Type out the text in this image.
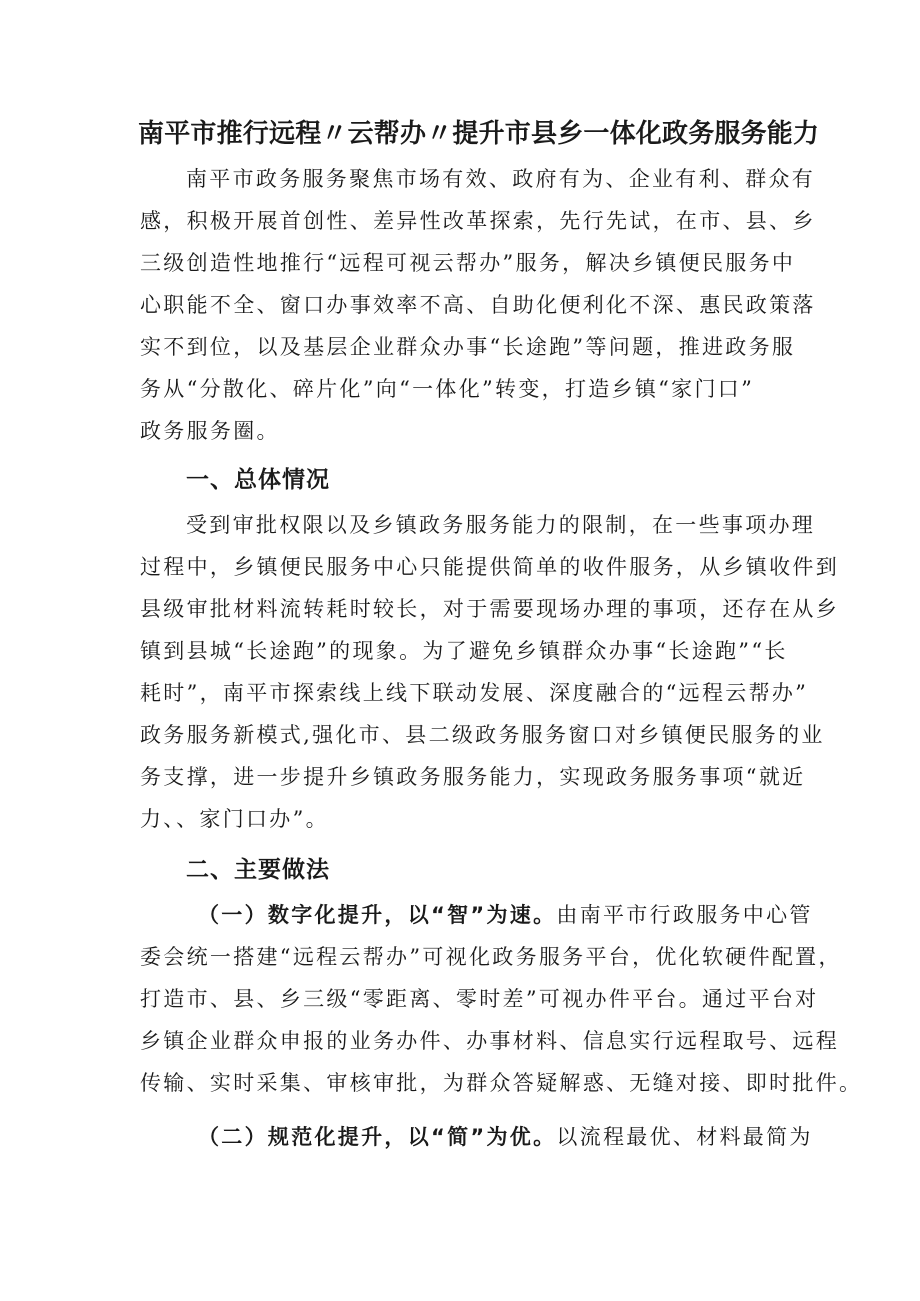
南平市推行远程〃云帮办〃提升市县乡一体化政务服务能力
南平市政务服务聚焦市场有效、政府有为、企业有利、群众有
感，积极开展首创性、差异性改革探索，先行先试，在市、县、乡
三级创造性地推行“远程可视云帮办”服务，解决乡镇便民服务中
心职能不全、窗口办事效率不高、自助化便利化不深、惠民政策落
实不到位，以及基层企业群众办事“长途跑”等问题，推进政务服
务从“分散化、碎片化”向“一体化”转变，打造乡镇“家门口”
政务服务圈。
一、总体情况
受到审批权限以及乡镇政务服务能力的限制，在一些事项办理
过程中，乡镇便民服务中心只能提供简单的收件服务，从乡镇收件到
县级审批材料流转耗时较长，对于需要现场办理的事项，还存在从乡
镇到县城“长途跑”的现象。为了避免乡镇群众办事“长途跑”“长
耗时”，南平市探索线上线下联动发展、深度融合的“远程云帮办”
政务服务新模式,强化市、县二级政务服务窗口对乡镇便民服务的业
务支撑，进一步提升乡镇政务服务能力，实现政务服务事项“就近
力、、家门口办”。
二、主要做法
（一）数字化提升，以“智”为速。由南平市行政服务中心管
委会统一搭建“远程云帮办”可视化政务服务平台，优化软硬件配置，
打造市、县、乡三级“零距离、零时差”可视办件平台。通过平台对
乡镇企业群众申报的业务办件、办事材料、信息实行远程取号、远程
传输、实时采集、审核审批，为群众答疑解惑、无缝对接、即时批件。
（二）规范化提升，以“简”为优。以流程最优、材料最简为
